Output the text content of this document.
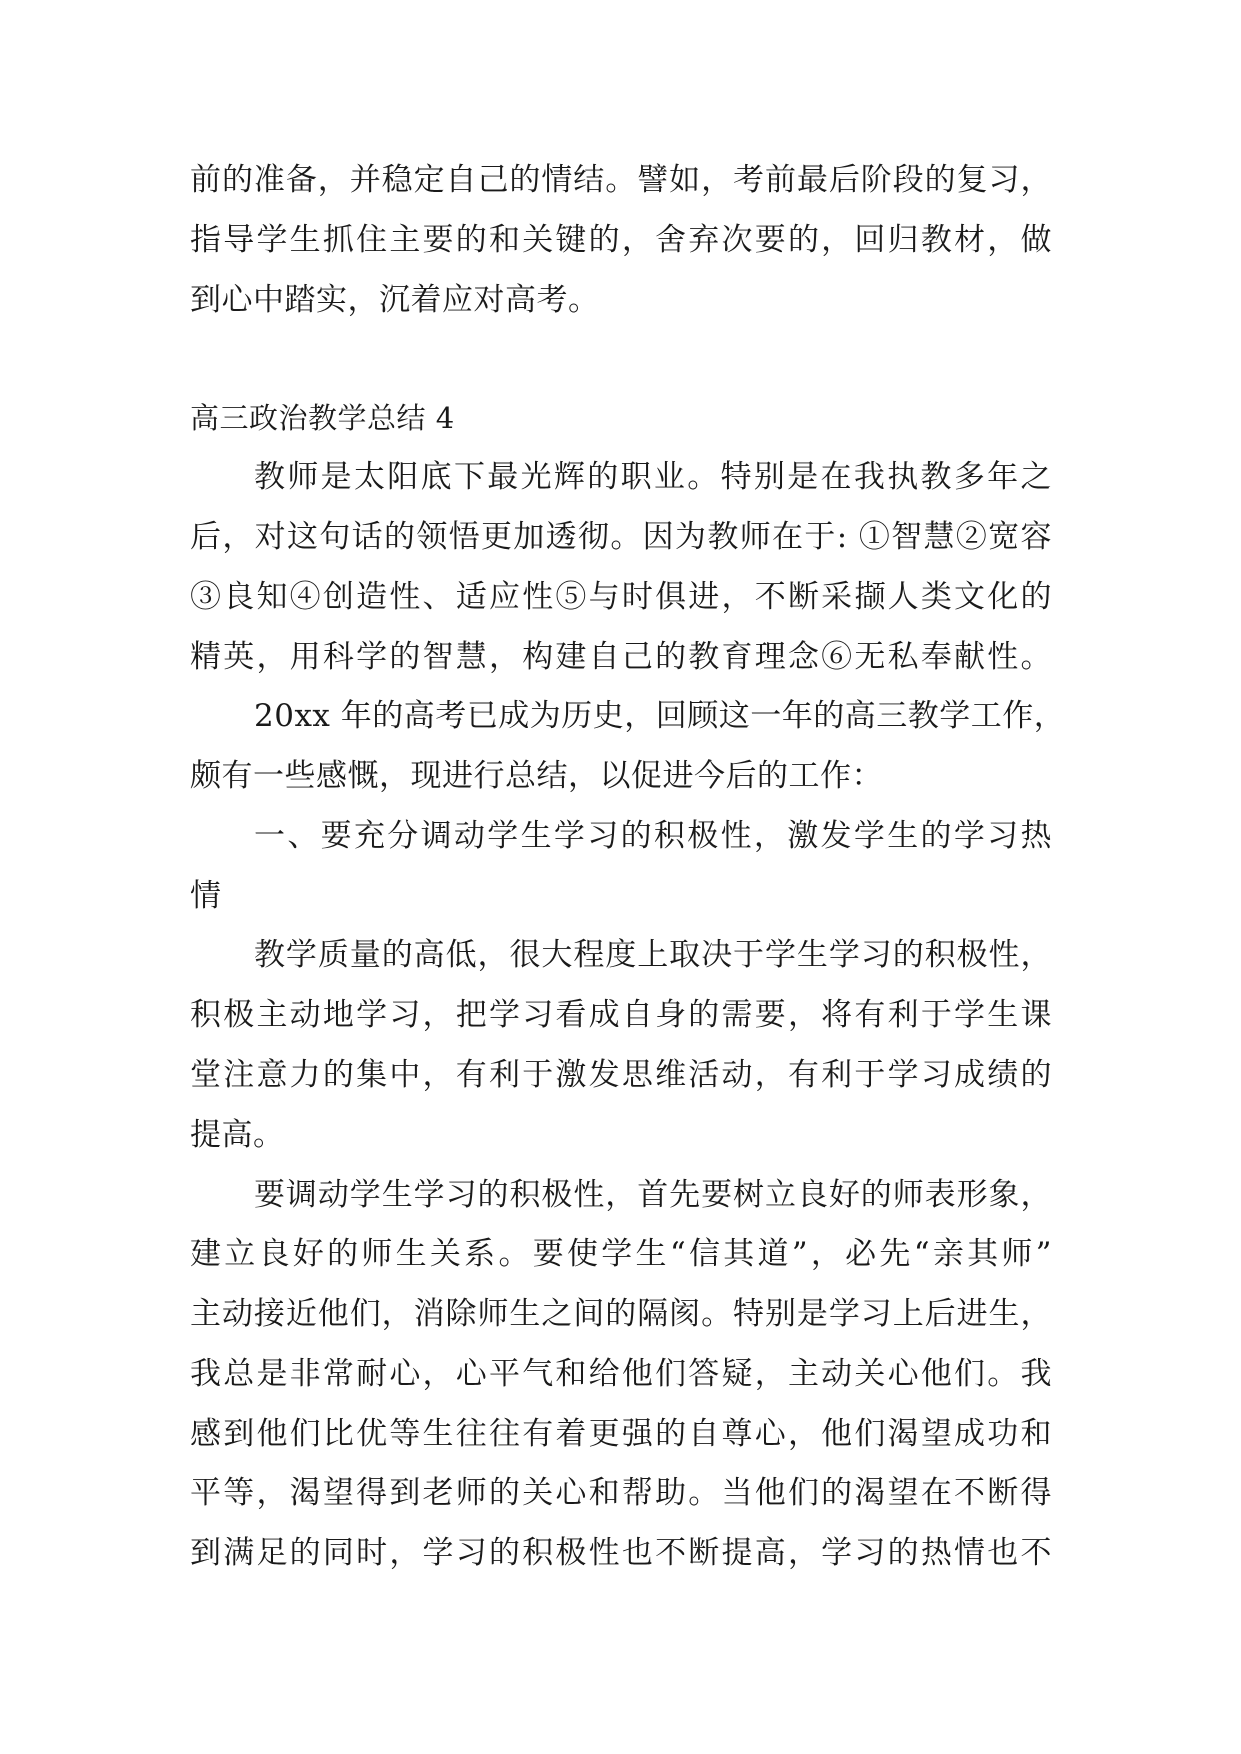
前的准备，并稳定自己的情结。譬如，考前最后阶段的复习，
指导学生抓住主要的和关键的，舍弃次要的，回归教材，做
到心中踏实，沉着应对高考。
高三政治教学总结 4
教师是太阳底下最光辉的职业。特别是在我执教多年之
后，对这句话的领悟更加透彻。因为教师在于: ①智慧②宽容
③良知④创造性、适应性⑤与时俱进，不断采撷人类文化的
精英，用科学的智慧，构建自己的教育理念⑥无私奉献性。
20xx 年的高考已成为历史，回顾这一年的高三教学工作，
颇有一些感慨，现进行总结，以促进今后的工作：
一、要充分调动学生学习的积极性，激发学生的学习热
情
教学质量的高低，很大程度上取决于学生学习的积极性，
积极主动地学习，把学习看成自身的需要，将有利于学生课
堂注意力的集中，有利于激发思维活动，有利于学习成绩的
提高。
要调动学生学习的积极性，首先要树立良好的师表形象，
建立良好的师生关系。要使学生“信其道”，必先“亲其师”
主动接近他们，消除师生之间的隔阂。特别是学习上后进生，
我总是非常耐心，心平气和给他们答疑，主动关心他们。我
感到他们比优等生往往有着更强的自尊心，他们渴望成功和
平等，渴望得到老师的关心和帮助。当他们的渴望在不断得
到满足的同时，学习的积极性也不断提高，学习的热情也不
